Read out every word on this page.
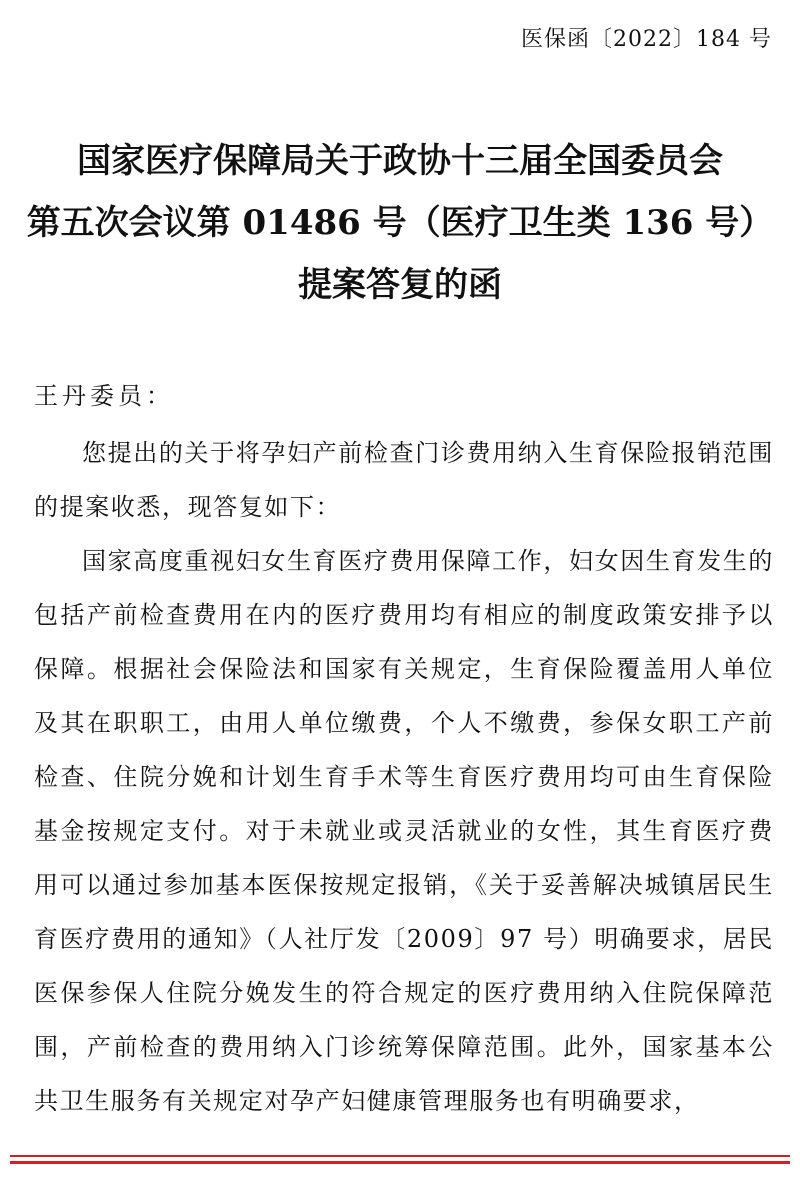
医保函〔2022〕184 号
国家医疗保障局关于政协十三届全国委员会
第五次会议第 01486 号（医疗卫生类 136 号）
提案答复的函
王丹委员：

您提出的关于将孕妇产前检查门诊费用纳入生育保险报销范围的提案收悉，现答复如下：

国家高度重视妇女生育医疗费用保障工作，妇女因生育发生的包括产前检查费用在内的医疗费用均有相应的制度政策安排予以保障。根据社会保险法和国家有关规定，生育保险覆盖用人单位及其在职职工，由用人单位缴费，个人不缴费，参保女职工产前检查、住院分娩和计划生育手术等生育医疗费用均可由生育保险基金按规定支付。对于未就业或灵活就业的女性，其生育医疗费用可以通过参加基本医保按规定报销，《关于妥善解决城镇居民生育医疗费用的通知》（人社厅发〔2009〕97 号）明确要求，居民医保参保人住院分娩发生的符合规定的医疗费用纳入住院保障范围，产前检查的费用纳入门诊统筹保障范围。此外，国家基本公共卫生服务有关规定对孕产妇健康管理服务也有明确要求，
